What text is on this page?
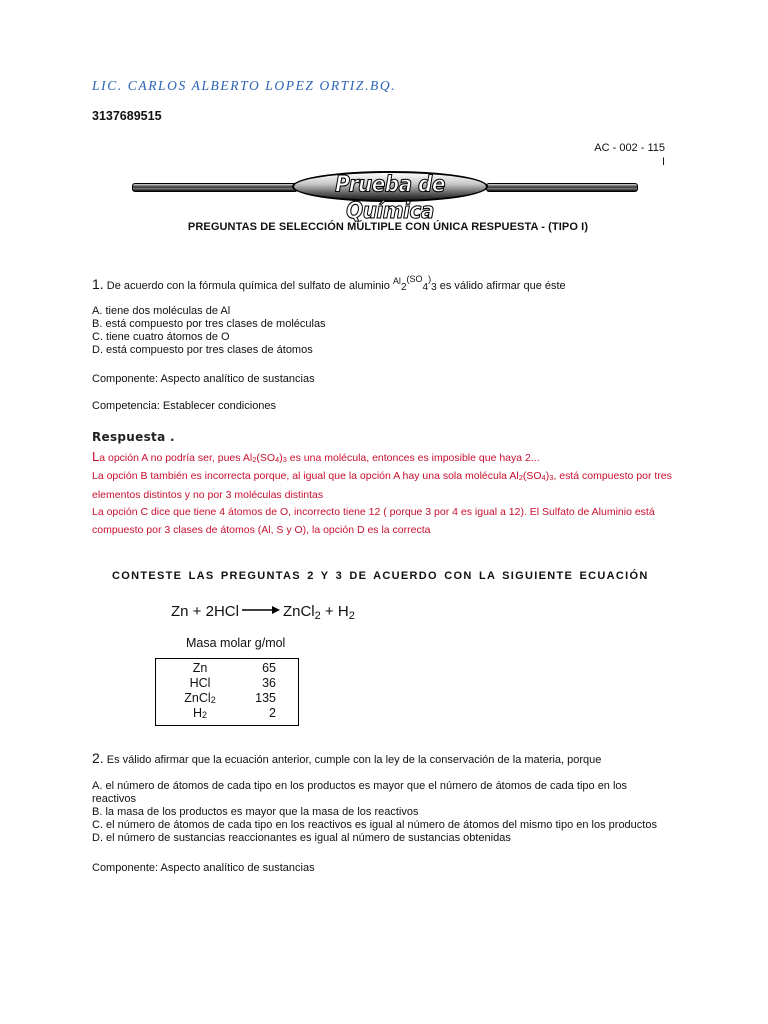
LIC. CARLOS ALBERTO LOPEZ ORTIZ.BQ.
3137689515
AC - 002 - 115
I
Prueba de Química
PREGUNTAS DE SELECCIÓN MÚLTIPLE CON ÚNICA RESPUESTA - (TIPO I)
1. De acuerdo con la fórmula química del sulfato de aluminio $^{Al}_2^{(SO}_4$)$_3$ es válido afirmar que éste
A. tiene dos moléculas de Al
B. está compuesto por tres clases de moléculas
C. tiene cuatro átomos de O
D. está compuesto por tres clases de átomos
Componente: Aspecto analítico de sustancias
Competencia: Establecer condiciones
Respuesta .

La opción A no podría ser, pues $Al_2(SO_4)_3$ es una molécula, entonces es imposible que haya 2...

La opción B también es incorrecta porque, al igual que la opción A hay una sola molécula $Al_2(SO_4)_3$, está compuesto por tres elementos distintos y no por 3 moléculas distintas

La opción C dice que tiene 4 átomos de O, incorrecto tiene 12 ( porque 3 por 4 es igual a 12). El Sulfato de Aluminio está compuesto por 3 clases de átomos (Al, S y O), la opción D es la correcta

CONTESTE LAS PREGUNTAS 2 Y 3 DE ACUERDO CON LA SIGUIENTE ECUACIÓN
Zn + 2HCl → ZnCl$_2$ + $H_2$
Masa molar g/mol
Zn	65
HCl	36
ZnCl$_2$	135
$H_2$	2
2. Es válido afirmar que la ecuación anterior, cumple con la ley de la conservación de la materia, porque
A. el número de átomos de cada tipo en los productos es mayor que el número de átomos de cada tipo en los
reactivos
B. la masa de los productos es mayor que la masa de los reactivos
C. el número de átomos de cada tipo en los reactivos es igual al número de átomos del mismo tipo en los productos
D. el número de sustancias reaccionantes es igual al número de sustancias obtenidas
Componente: Aspecto analítico de sustancias
